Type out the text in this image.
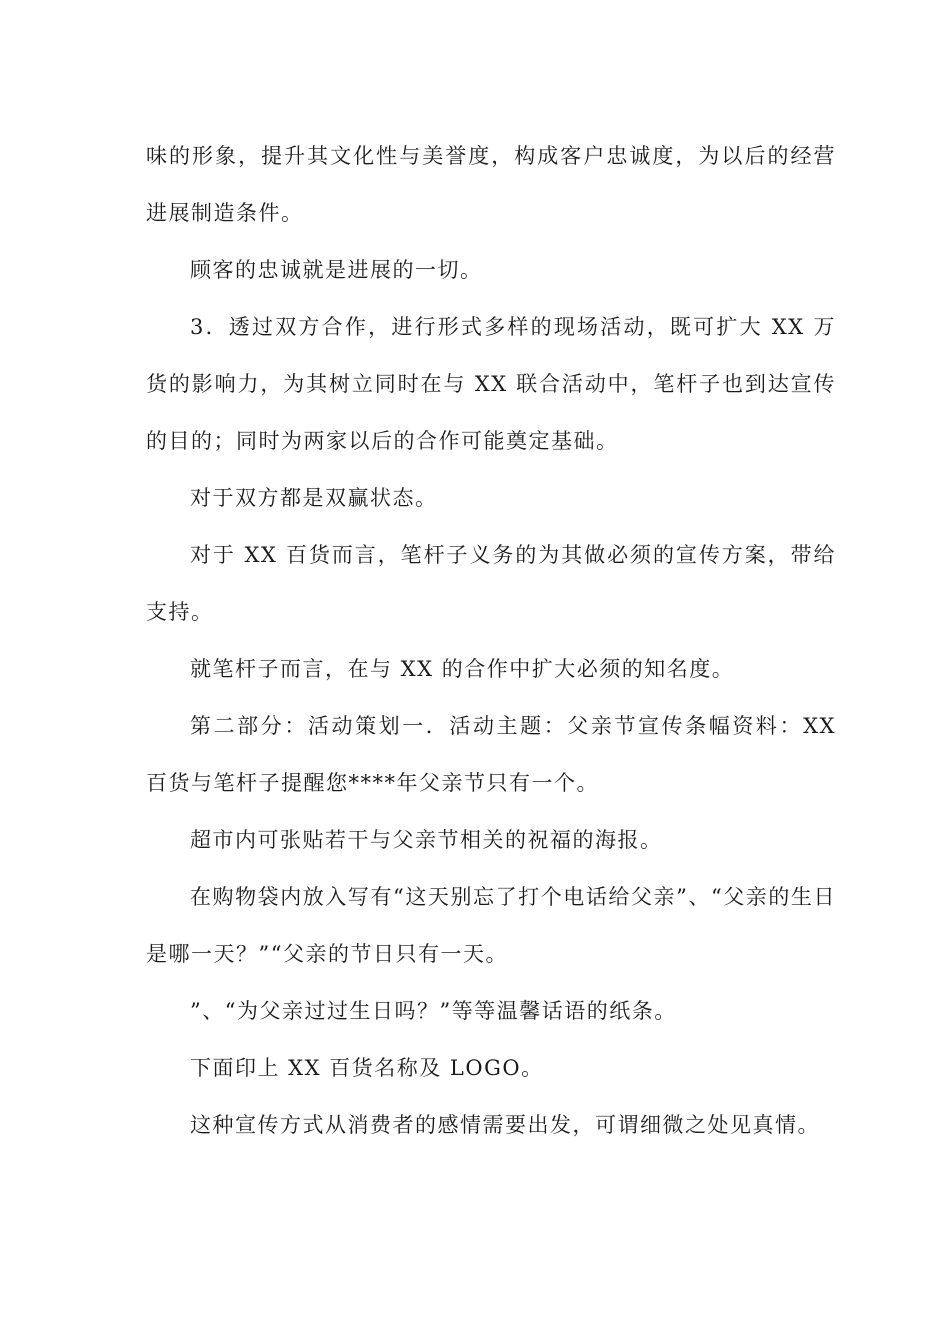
味的形象，提升其文化性与美誉度，构成客户忠诚度，为以后的经营进展制造条件。

顾客的忠诚就是进展的一切。

3．透过双方合作，进行形式多样的现场活动，既可扩大 XX 万货的影响力，为其树立同时在与 XX 联合活动中，笔杆子也到达宣传的目的；同时为两家以后的合作可能奠定基础。

对于双方都是双赢状态。

对于 XX 百货而言，笔杆子义务的为其做必须的宣传方案，带给支持。

就笔杆子而言，在与 XX 的合作中扩大必须的知名度。

第二部分：活动策划一．活动主题：父亲节宣传条幅资料：XX 百货与笔杆子提醒您****年父亲节只有一个。

超市内可张贴若干与父亲节相关的祝福的海报。

在购物袋内放入写有“这天别忘了打个电话给父亲”、“父亲的生日是哪一天？”“父亲的节日只有一天。

”、“为父亲过过生日吗？”等等温馨话语的纸条。

下面印上 XX 百货名称及 LOGO。

这种宣传方式从消费者的感情需要出发，可谓细微之处见真情。
